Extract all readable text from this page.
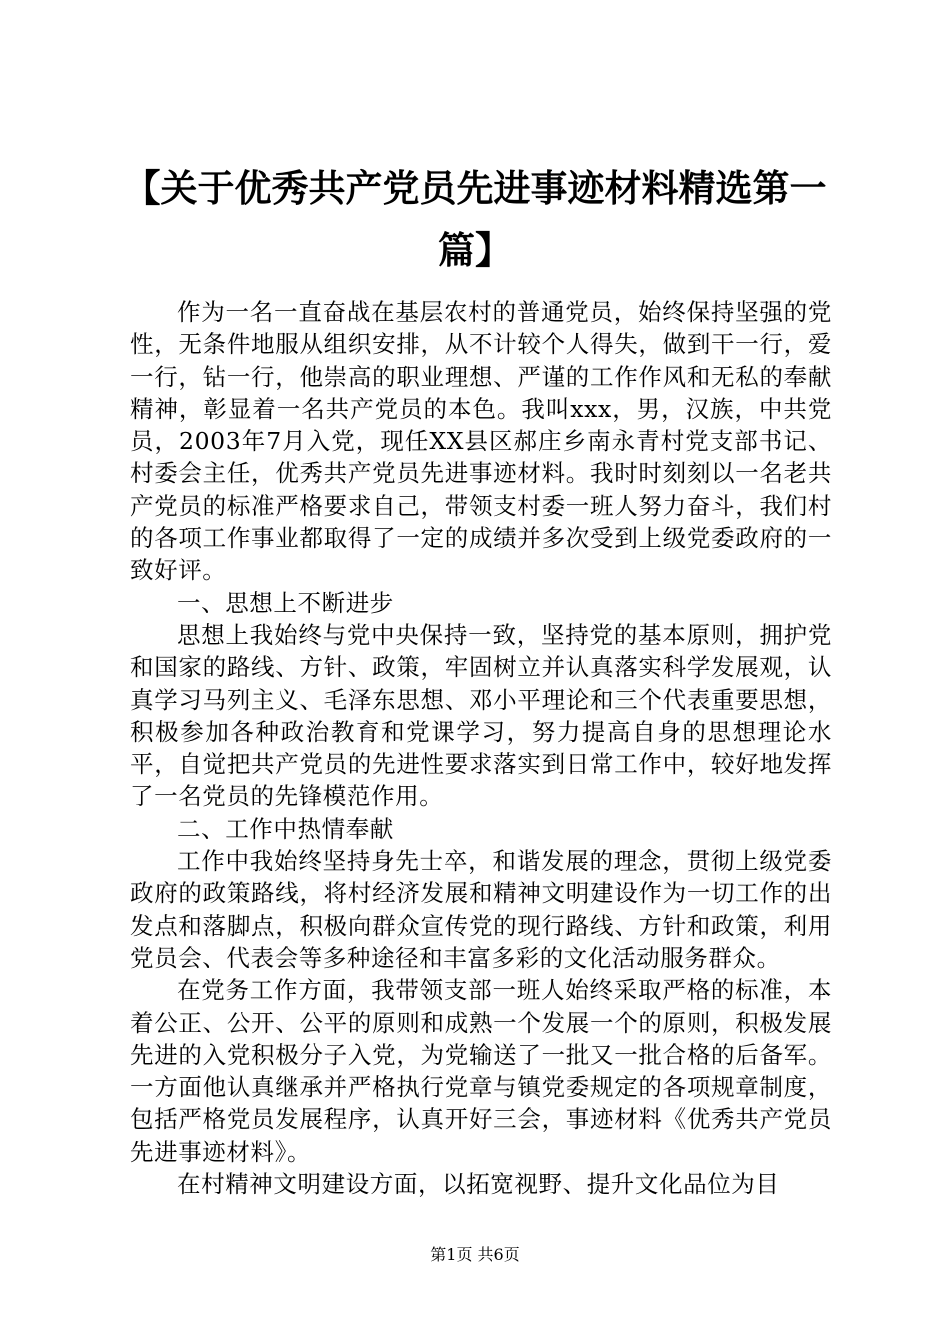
【关于优秀共产党员先进事迹材料精选第一篇】

作为一名一直奋战在基层农村的普通党员，始终保持坚强的党性，无条件地服从组织安排，从不计较个人得失，做到干一行，爱一行，钻一行，他崇高的职业理想、严谨的工作作风和无私的奉献精神，彰显着一名共产党员的本色。我叫xxx，男，汉族，中共党员，2003年7月入党，现任XX县区郝庄乡南永青村党支部书记、村委会主任，优秀共产党员先进事迹材料。我时时刻刻以一名老共产党员的标准严格要求自己，带领支村委一班人努力奋斗，我们村的各项工作事业都取得了一定的成绩并多次受到上级党委政府的一致好评。

一、思想上不断进步

思想上我始终与党中央保持一致，坚持党的基本原则，拥护党和国家的路线、方针、政策，牢固树立并认真落实科学发展观，认真学习马列主义、毛泽东思想、邓小平理论和三个代表重要思想，积极参加各种政治教育和党课学习，努力提高自身的思想理论水平，自觉把共产党员的先进性要求落实到日常工作中，较好地发挥了一名党员的先锋模范作用。

二、工作中热情奉献

工作中我始终坚持身先士卒，和谐发展的理念，贯彻上级党委政府的政策路线，将村经济发展和精神文明建设作为一切工作的出发点和落脚点，积极向群众宣传党的现行路线、方针和政策，利用党员会、代表会等多种途径和丰富多彩的文化活动服务群众。

在党务工作方面，我带领支部一班人始终采取严格的标准，本着公正、公开、公平的原则和成熟一个发展一个的原则，积极发展先进的入党积极分子入党，为党输送了一批又一批合格的后备军。一方面他认真继承并严格执行党章与镇党委规定的各项规章制度，包括严格党员发展程序，认真开好三会，事迹材料《优秀共产党员先进事迹材料》。

在村精神文明建设方面，以拓宽视野、提升文化品位为目

第1页 共6页
